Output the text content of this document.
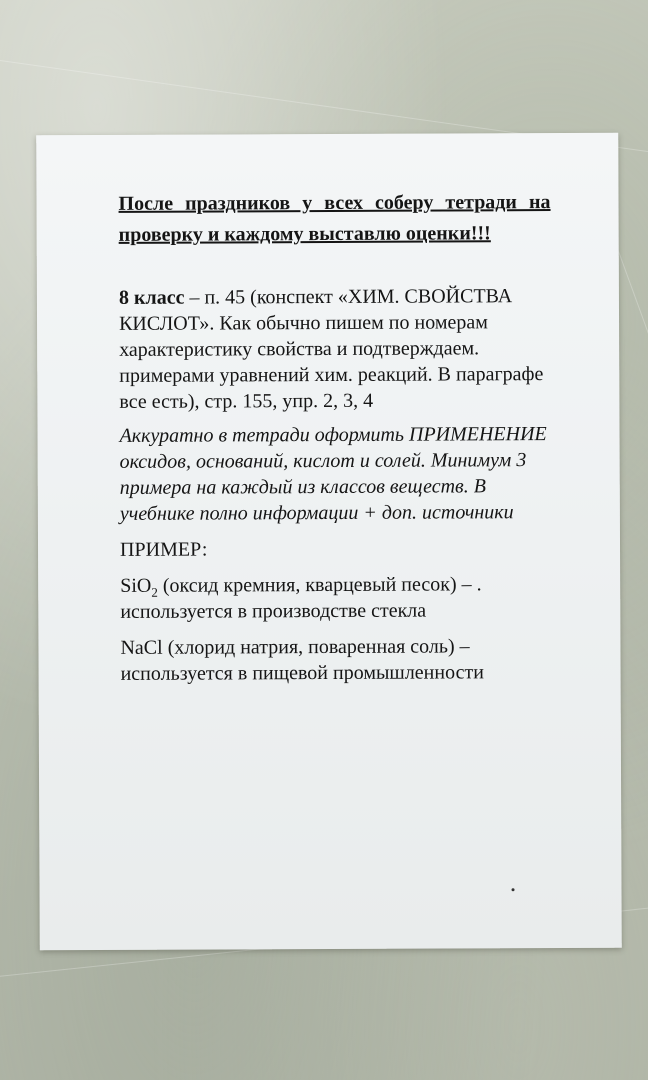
После праздников у всех соберу тетради на проверку и каждому выставлю оценки!!!

8 класс – п. 45 (конспект «ХИМ. СВОЙСТВА КИСЛОТ». Как обычно пишем по номерам характеристику свойства и подтверждаем. примерами уравнений хим. реакций. В параграфе все есть), стр. 155, упр. 2, 3, 4

Аккуратно в тетради оформить ПРИМЕНЕНИЕ оксидов, оснований, кислот и солей. Минимум 3 примера на каждый из классов веществ. В учебнике полно информации + доп. источники

ПРИМЕР:

SiO$_2$ (оксид кремния, кварцевый песок) – . используется в производстве стекла

NaCl (хлорид натрия, поваренная соль) – используется в пищевой промышленности
